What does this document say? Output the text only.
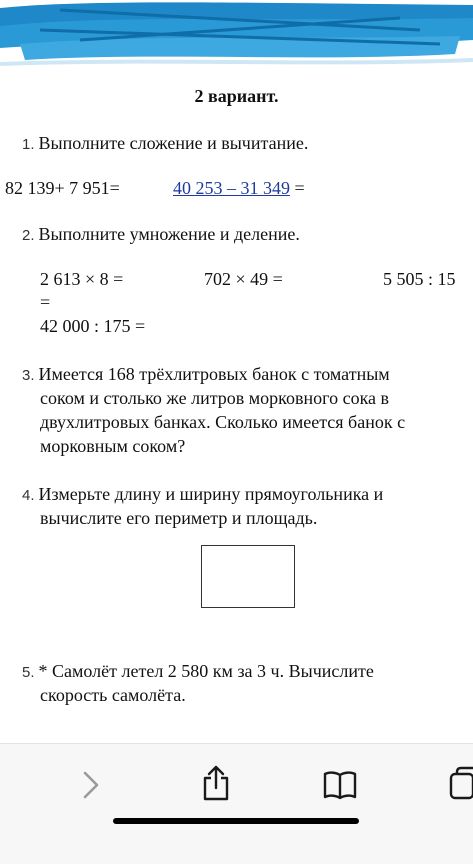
2 вариант.
1. Выполните сложение и вычитание.
82 139+ 7 951=	40 253 – 31 349 =
2. Выполните умножение и деление.
2 613 × 8 =	702 × 49 =	5 505 : 15
=
42 000 : 175 =
3. Имеется 168 трёхлитровых банок с томатным
соком и столько же литров морковного сока в
двухлитровых банках. Сколько имеется банок с
морковным соком?
4. Измерьте длину и ширину прямоугольника и
вычислите его периметр и площадь.
5. * Самолёт летел 2 580 км за 3 ч. Вычислите
скорость самолёта.
